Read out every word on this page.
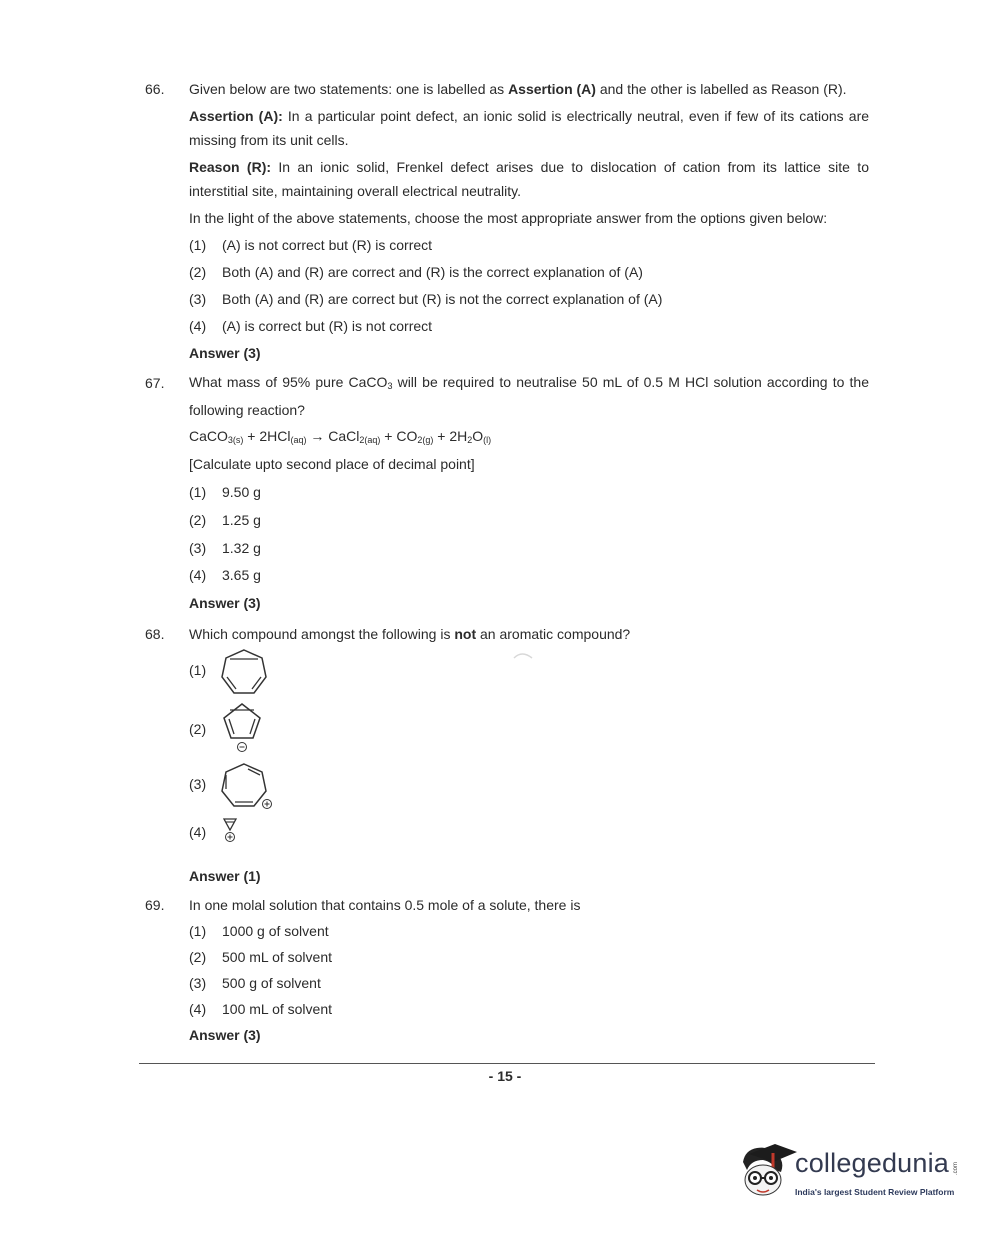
66. Given below are two statements: one is labelled as Assertion (A) and the other is labelled as Reason (R).
Assertion (A): In a particular point defect, an ionic solid is electrically neutral, even if few of its cations are missing from its unit cells.
Reason (R): In an ionic solid, Frenkel defect arises due to dislocation of cation from its lattice site to interstitial site, maintaining overall electrical neutrality.
In the light of the above statements, choose the most appropriate answer from the options given below:
(1) (A) is not correct but (R) is correct
(2) Both (A) and (R) are correct and (R) is the correct explanation of (A)
(3) Both (A) and (R) are correct but (R) is not the correct explanation of (A)
(4) (A) is correct but (R) is not correct
Answer (3)
67. What mass of 95% pure CaCO$_3$ will be required to neutralise 50 mL of 0.5 M HCl solution according to the following reaction?
CaCO$_{3(s)}$ + 2HCl$_{(aq)}$ → CaCl$_{2(aq)}$ + $CO_{2(g)} + 2H_2O_{(l)}$
[Calculate upto second place of decimal point]
(1) 9.50 g
(2) 1.25 g
(3) 1.32 g
(4) 3.65 g
Answer (3)
68. Which compound amongst the following is not an aromatic compound?
(1)
(2)
(3)
(4)
Answer (1)
69. In one molal solution that contains 0.5 mole of a solute, there is
(1) 1000 g of solvent
(2) 500 mL of solvent
(3) 500 g of solvent
(4) 100 mL of solvent
Answer (3)
- 15 -
collegedunia .com
India's largest Student Review Platform
